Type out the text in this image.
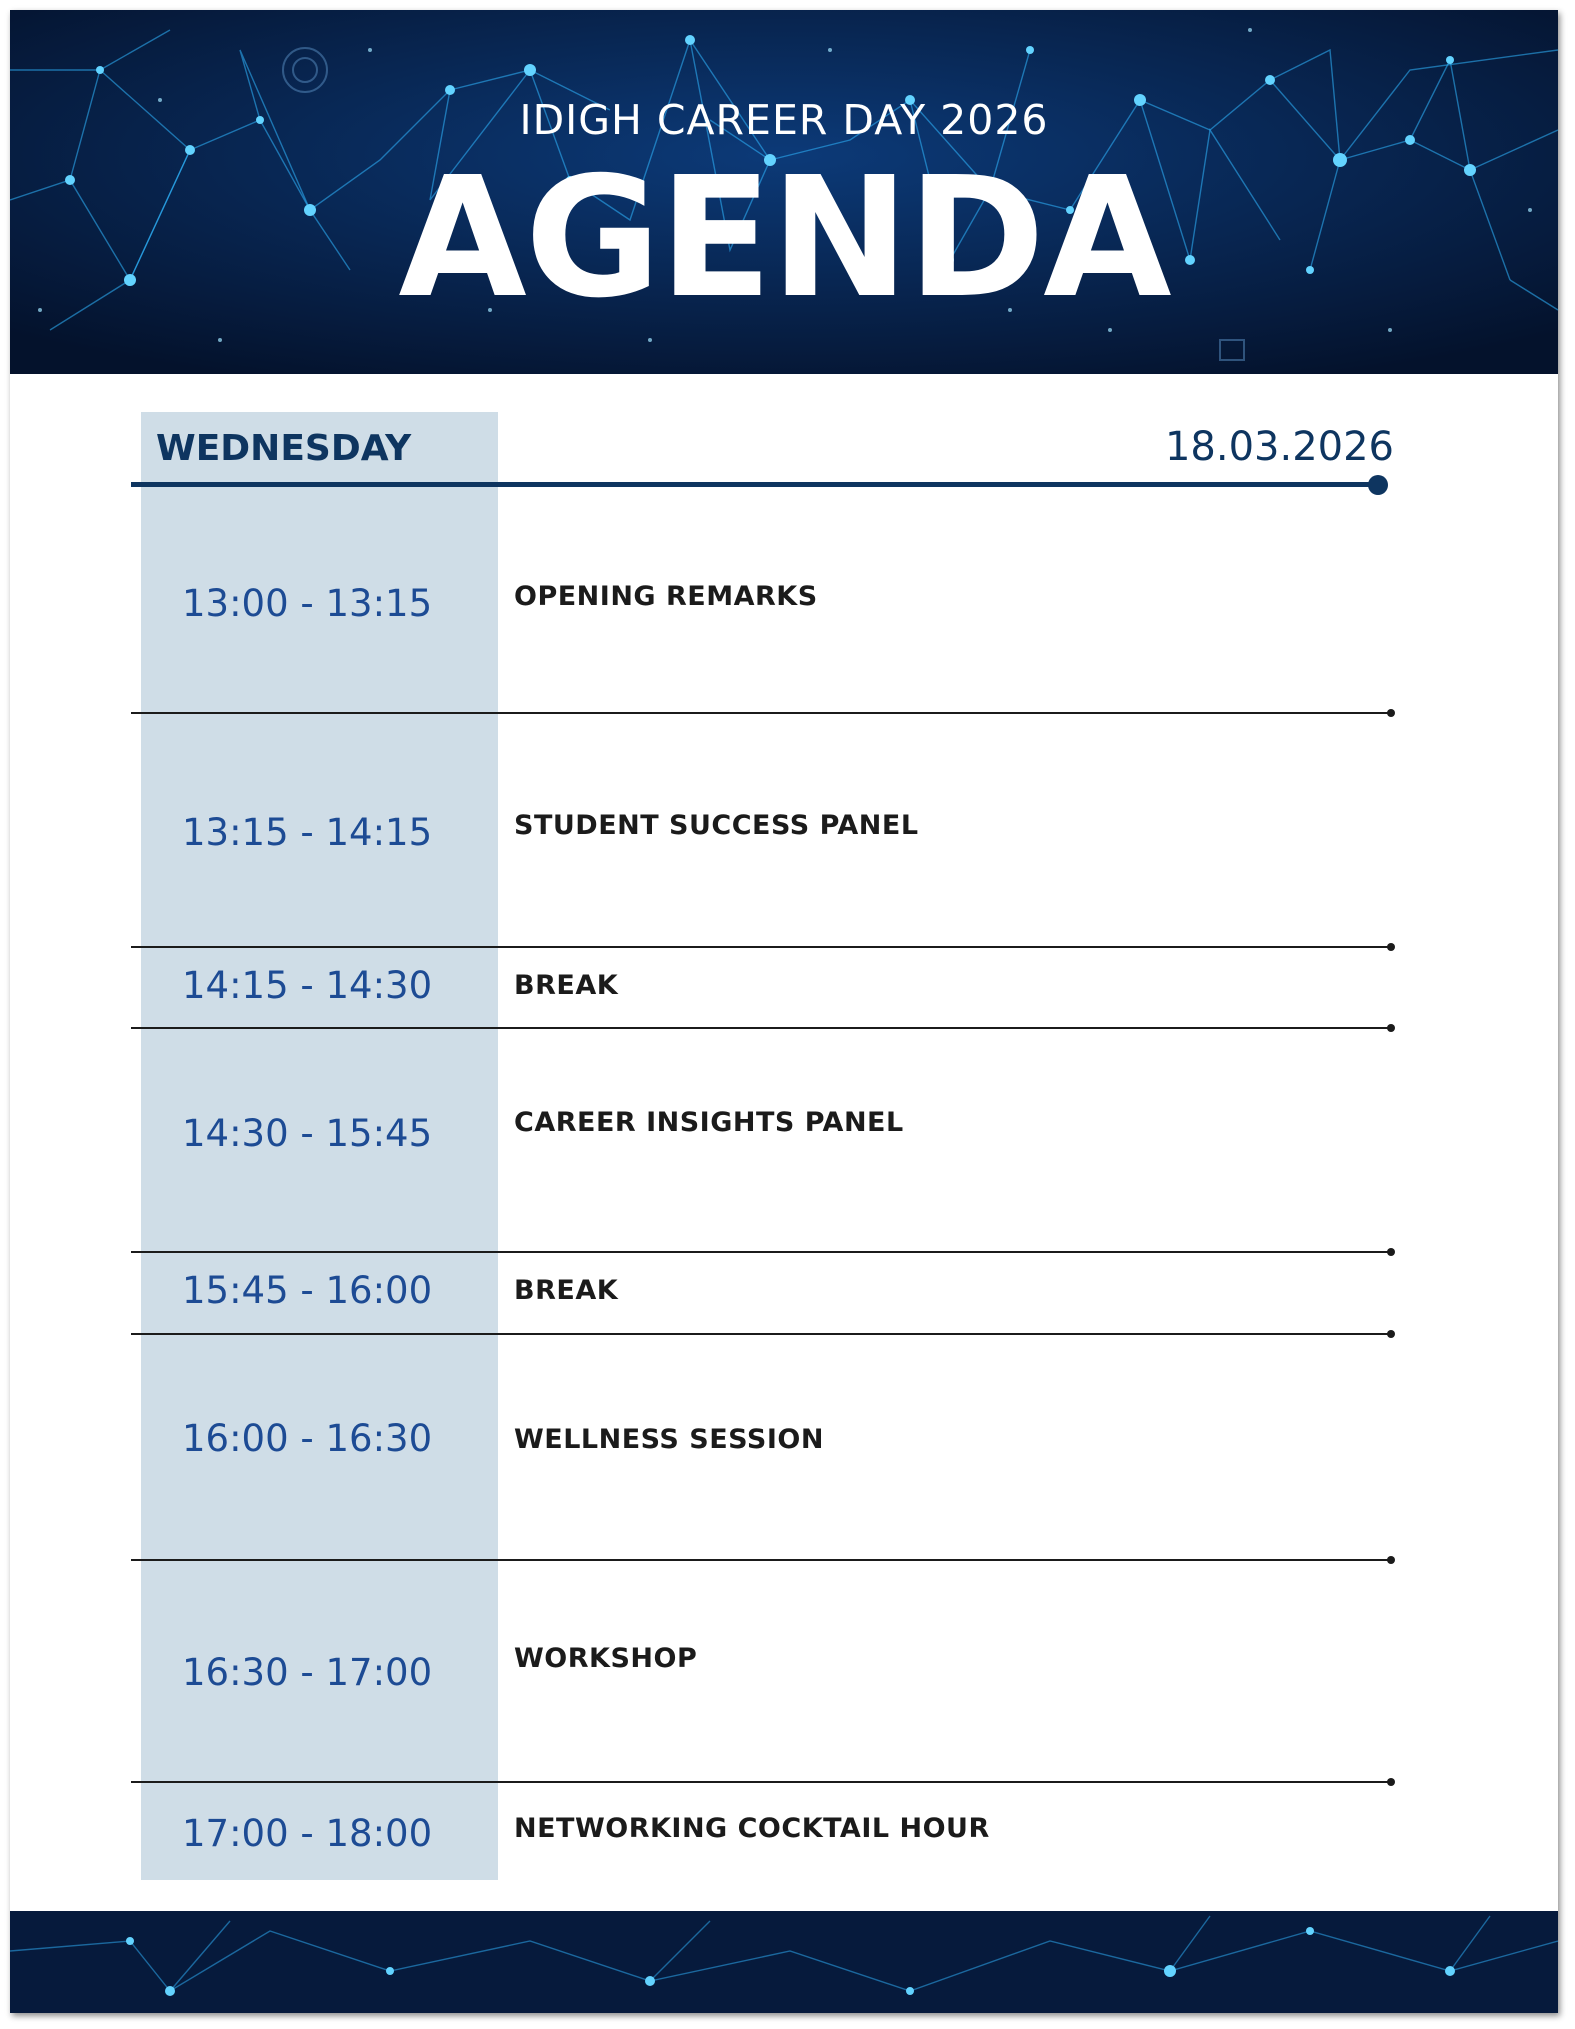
IDIGH CAREER DAY 2026
AGENDA
WEDNESDAY	18.03.2026
13:00 - 13:15	OPENING REMARKS
13:15 - 14:15	STUDENT SUCCESS PANEL
14:15 - 14:30	BREAK
14:30 - 15:45	CAREER INSIGHTS PANEL
15:45 - 16:00	BREAK
16:00 - 16:30	WELLNESS SESSION
16:30 - 17:00	WORKSHOP
17:00 - 18:00	NETWORKING COCKTAIL HOUR
